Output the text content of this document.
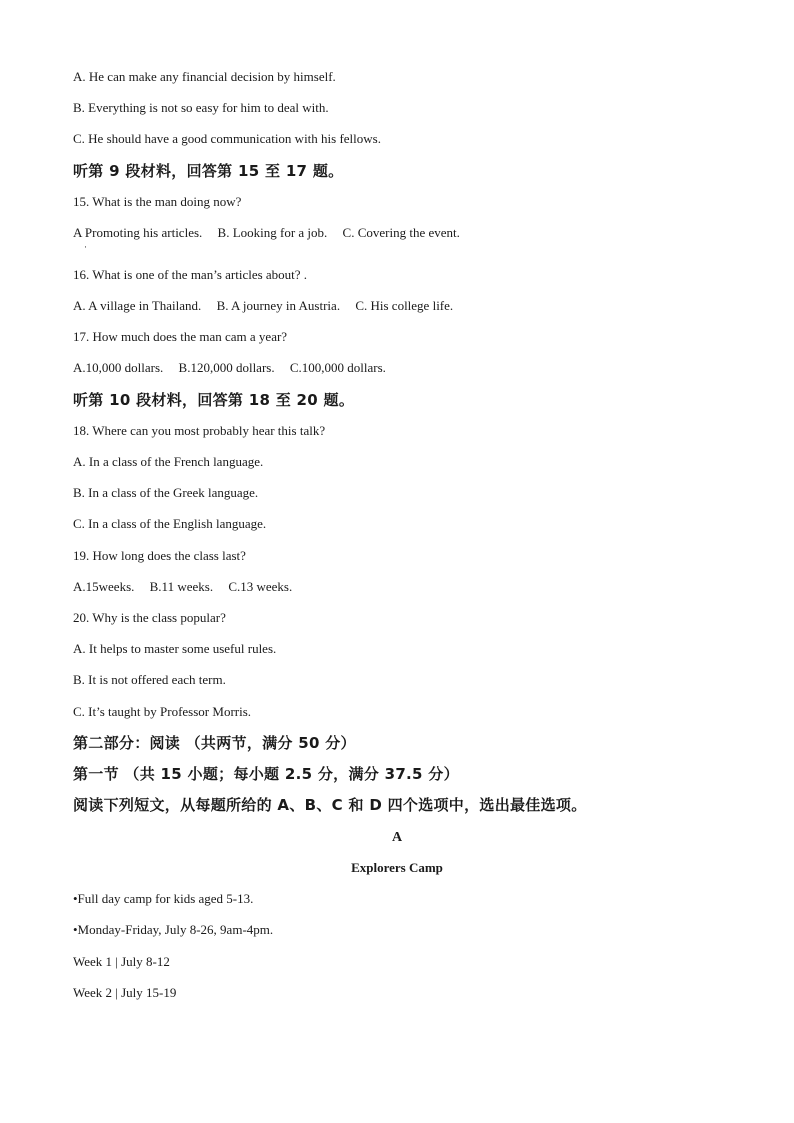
A. He can make any financial decision by himself.

B. Everything is not so easy for him to deal with.

C. He should have a good communication with his fellows.

听第 9 段材料，回答第 15 至 17 题。

15. What is the man doing now?

A Promoting his articles. B. Looking for a job. C. Covering the event.

·

16. What is one of the man’s articles about? .

A. A village in Thailand. B. A journey in Austria. C. His college life.

17. How much does the man cam a year?

A.10,000 dollars. B.120,000 dollars. C.100,000 dollars.

听第 10 段材料，回答第 18 至 20 题。

18. Where can you most probably hear this talk?

A. In a class of the French language.

B. In a class of the Greek language.

C. In a class of the English language.

19. How long does the class last?

A.15weeks. B.11 weeks. C.13 weeks.

20. Why is the class popular?

A. It helps to master some useful rules.

B. It is not offered each term.

C. It’s taught by Professor Morris.

第二部分：阅读 （共两节，满分 50 分）

第一节 （共 15 小题；每小题 2.5 分，满分 37.5 分）

阅读下列短文，从每题所给的 A、B、C 和 D 四个选项中，选出最佳选项。

A

Explorers Camp

•Full day camp for kids aged 5-13.

•Monday-Friday, July 8-26, 9am-4pm.

Week 1 | July 8-12

Week 2 | July 15-19
